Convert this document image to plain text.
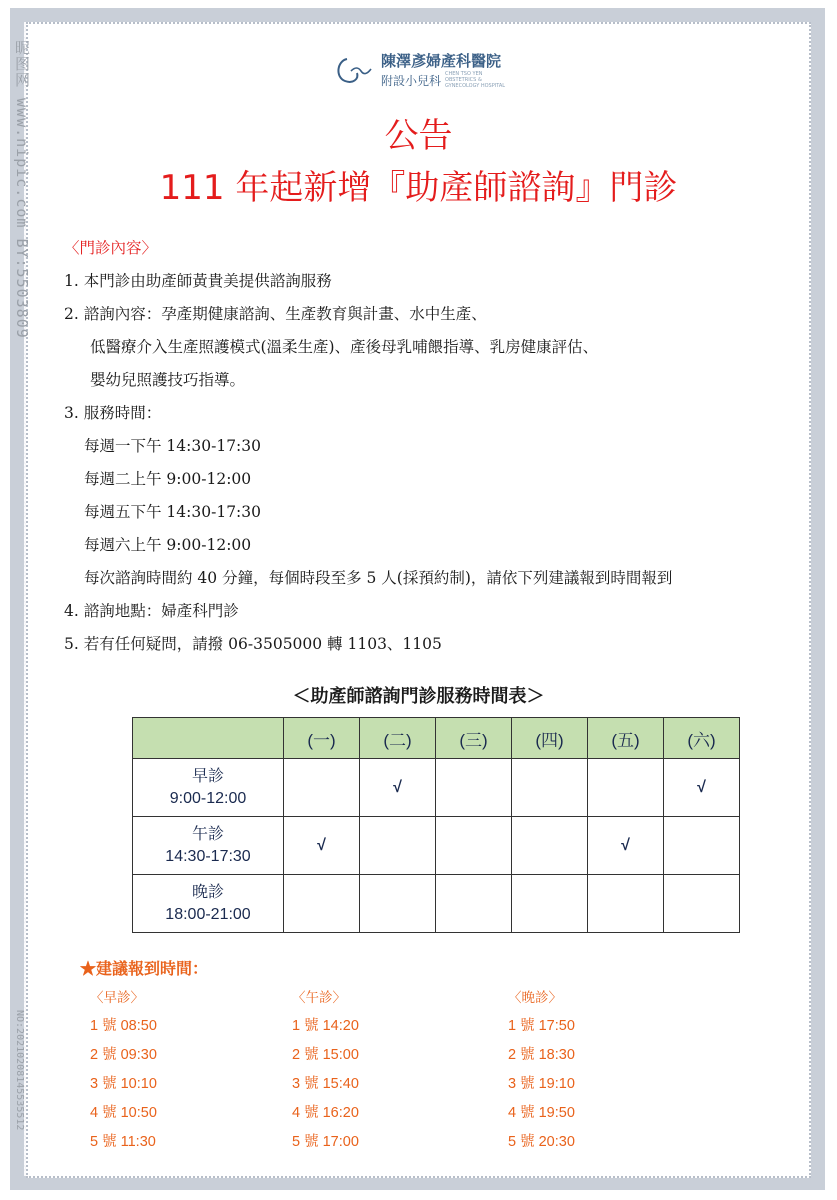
昵图网 www.nipic.com BY:5503809
NO:20210208145535512
陳澤彥婦產科醫院
附設小兒科 CHEN TSO YEN OBSTETRICS & GYNECOLOGY HOSPITAL
公告
111 年起新增『助產師諮詢』門診
〈門診內容〉
1. 本門診由助產師黃貴美提供諮詢服務
2. 諮詢內容：孕產期健康諮詢、生產教育與計畫、水中生產、
低醫療介入生產照護模式(溫柔生產)、產後母乳哺餵指導、乳房健康評估、
嬰幼兒照護技巧指導。
3. 服務時間：
每週一下午 14:30-17:30
每週二上午 9:00-12:00
每週五下午 14:30-17:30
每週六上午 9:00-12:00
每次諮詢時間約 40 分鐘，每個時段至多 5 人(採預約制)，請依下列建議報到時間報到
4. 諮詢地點：婦產科門診
5. 若有任何疑問，請撥 06-3505000 轉 1103、1105
＜助產師諮詢門診服務時間表＞
	(一)	(二)	(三)	(四)	(五)	(六)

早診
9:00-12:00		√				√

午診
14:30-17:30	√				√	

晚診
18:00-21:00						

★建議報到時間：
〈早診〉
1 號 08:50
2 號 09:30
3 號 10:10
4 號 10:50
5 號 11:30
〈午診〉
1 號 14:20
2 號 15:00
3 號 15:40
4 號 16:20
5 號 17:00
〈晚診〉
1 號 17:50
2 號 18:30
3 號 19:10
4 號 19:50
5 號 20:30
